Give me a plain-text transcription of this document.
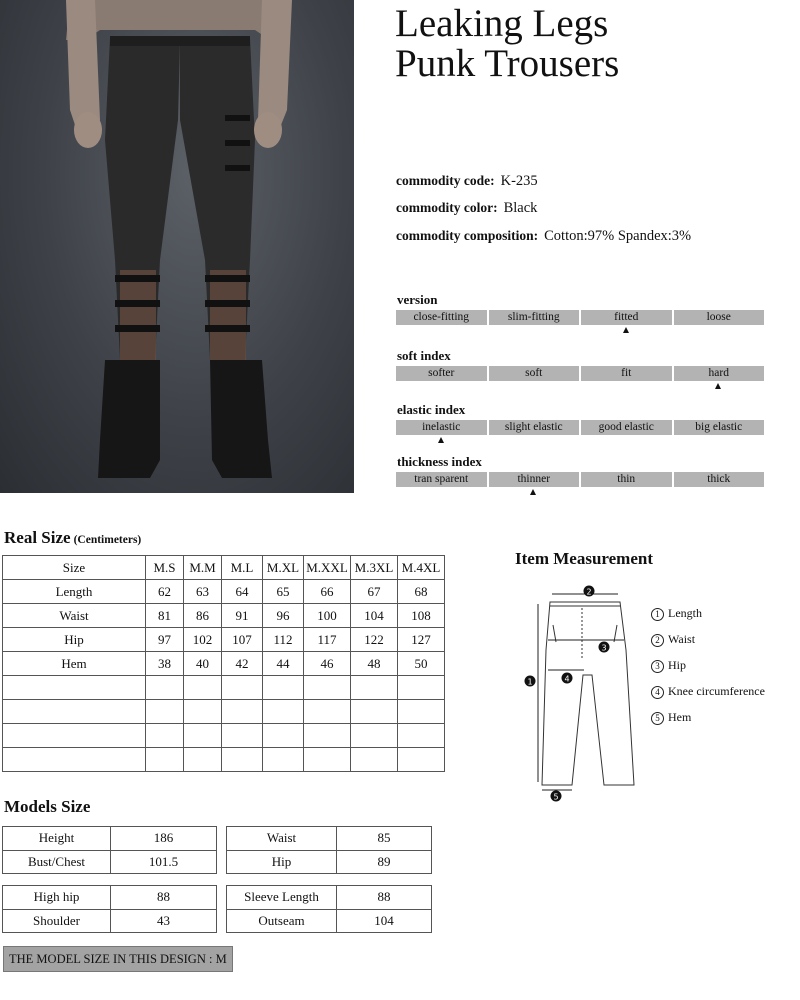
Leaking Legs
Punk Trousers
commodity code: K-235
commodity color: Black
commodity composition: Cotton:97% Spandex:3%
version
close-fitting	slim-fitting	fitted	loose
soft index
softer	soft	fit	hard
elastic index
inelastic	slight elastic	good elastic	big elastic
thickness index
tran sparent	thinner	thin	thick
Real Size (Centimeters)
Size	M.S	M.M	M.L	M.XL	M.XXL	M.3XL	M.4XL
Length	62	63	64	65	66	67	68
Waist	81	86	91	96	100	104	108
Hip	97	102	107	112	117	122	127
Hem	38	40	42	44	46	48	50

Item Measurement
2
3
4
1
5
1 Length
2 Waist
3 Hip
4 Knee circumference
5 Hem
Models Size
Height	186
Bust/Chest	101.5
Waist	85
Hip	89
High hip	88
Shoulder	43
Sleeve Length	88
Outseam	104
THE MODEL SIZE IN THIS DESIGN : M
